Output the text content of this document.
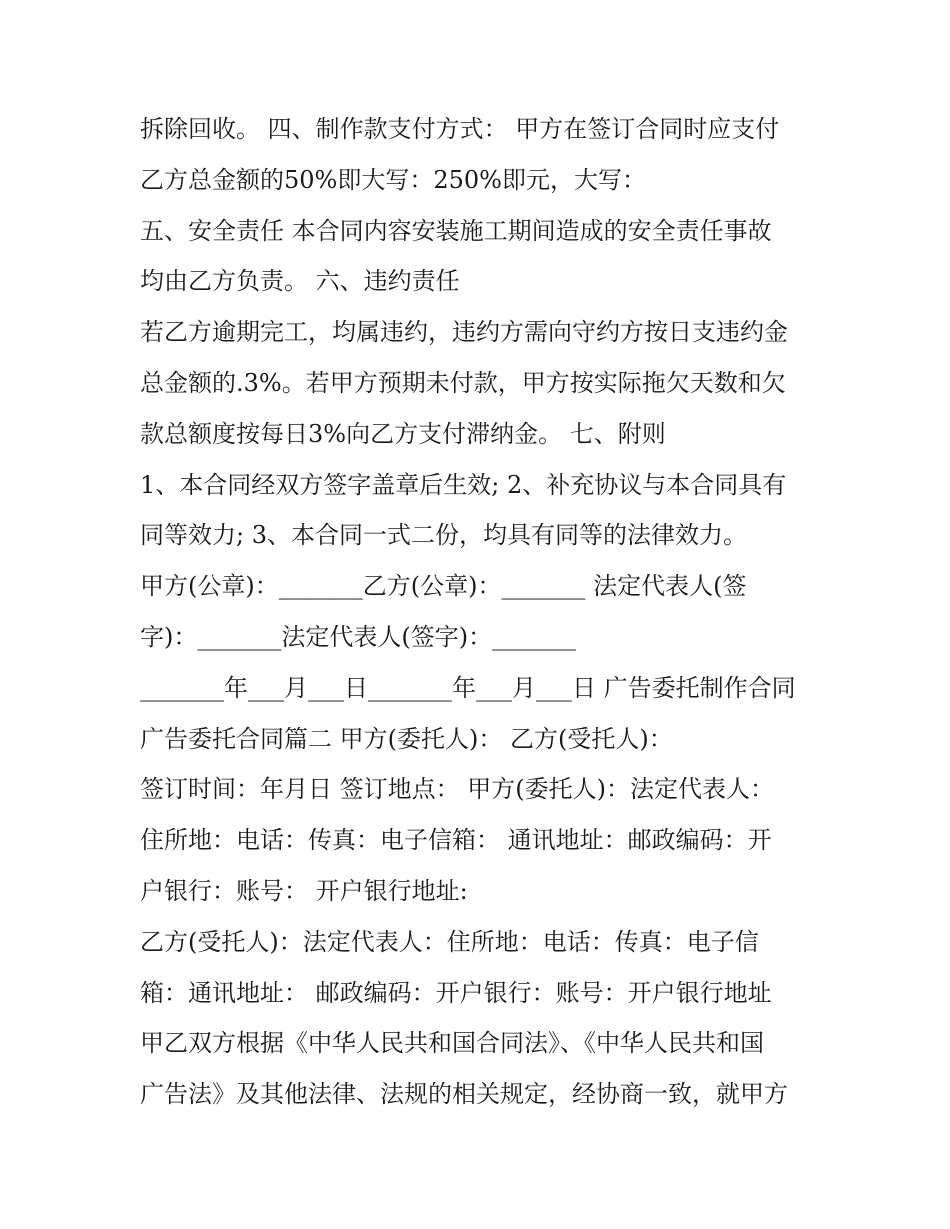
拆除回收。 四、制作款支付方式： 甲方在签订合同时应支付
乙方总金额的50%即大写：250%即元，大写：
五、安全责任 本合同内容安装施工期间造成的安全责任事故
均由乙方负责。 六、违约责任
若乙方逾期完工，均属违约，违约方需向守约方按日支违约金
总金额的.3%。若甲方预期未付款，甲方按实际拖欠天数和欠
款总额度按每日3%向乙方支付滞纳金。 七、附则
1、本合同经双方签字盖章后生效; 2、补充协议与本合同具有
同等效力; 3、本合同一式二份，均具有同等的法律效力。
甲方(公章)：_______乙方(公章)：_______ 法定代表人(签
字)：_______法定代表人(签字)：_______
_______年___月___日_______年___月___日 广告委托制作合同
广告委托合同篇二 甲方(委托人)： 乙方(受托人)：
签订时间：年月日 签订地点： 甲方(委托人)：法定代表人：
住所地：电话：传真：电子信箱： 通讯地址：邮政编码：开
户银行：账号： 开户银行地址:
乙方(受托人)：法定代表人：住所地：电话：传真：电子信
箱：通讯地址： 邮政编码：开户银行：账号：开户银行地址
甲乙双方根据《中华人民共和国合同法》、《中华人民共和国
广告法》及其他法律、法规的相关规定，经协商一致，就甲方
